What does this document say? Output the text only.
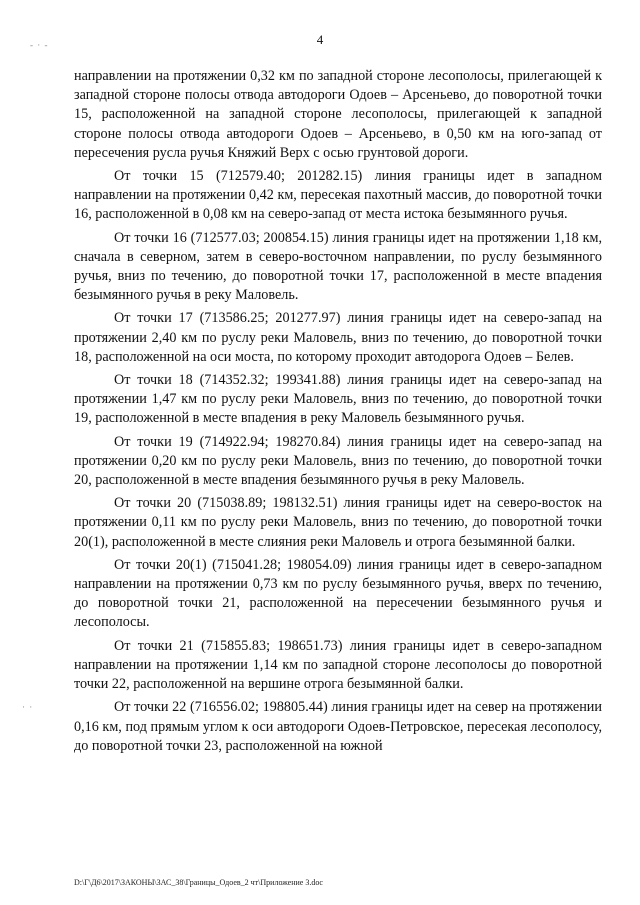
4
- · -
· ·

направлении на протяжении 0,32 км по западной стороне лесополосы, прилегающей к западной стороне полосы отвода автодороги Одоев – Арсеньево, до поворотной точки 15, расположенной на западной стороне лесополосы, прилегающей к западной стороне полосы отвода автодороги Одоев – Арсеньево, в 0,50 км на юго-запад от пересечения русла ручья Княжий Верх с осью грунтовой дороги.

От точки 15 (712579.40; 201282.15) линия границы идет в западном направлении на протяжении 0,42 км, пересекая пахотный массив, до поворотной точки 16, расположенной в 0,08 км на северо-запад от места истока безымянного ручья.

От точки 16 (712577.03; 200854.15) линия границы идет на протяжении 1,18 км, сначала в северном, затем в северо-восточном направлении, по руслу безымянного ручья, вниз по течению, до поворотной точки 17, расположенной в месте впадения безымянного ручья в реку Маловель.

От точки 17 (713586.25; 201277.97) линия границы идет на северо-запад на протяжении 2,40 км по руслу реки Маловель, вниз по течению, до поворотной точки 18, расположенной на оси моста, по которому проходит автодорога Одоев – Белев.

От точки 18 (714352.32; 199341.88) линия границы идет на северо-запад на протяжении 1,47 км по руслу реки Маловель, вниз по течению, до поворотной точки 19, расположенной в месте впадения в реку Маловель безымянного ручья.

От точки 19 (714922.94; 198270.84) линия границы идет на северо-запад на протяжении 0,20 км по руслу реки Маловель, вниз по течению, до поворотной точки 20, расположенной в месте впадения безымянного ручья в реку Маловель.

От точки 20 (715038.89; 198132.51) линия границы идет на северо-восток на протяжении 0,11 км по руслу реки Маловель, вниз по течению, до поворотной точки 20(1), расположенной в месте слияния реки Маловель и отрога безымянной балки.

От точки 20(1) (715041.28; 198054.09) линия границы идет в северо-западном направлении на протяжении 0,73 км по руслу безымянного ручья, вверх по течению, до поворотной точки 21, расположенной на пересечении безымянного ручья и лесополосы.

От точки 21 (715855.83; 198651.73) линия границы идет в северо-западном направлении на протяжении 1,14 км по западной стороне лесополосы до поворотной точки 22, расположенной на вершине отрога безымянной балки.

От точки 22 (716556.02; 198805.44) линия границы идет на север на протяжении 0,16 км, под прямым углом к оси автодороги Одоев-Петровское, пересекая лесополосу, до поворотной точки 23, расположенной на южной

D:\Г\Д6\2017\ЗАКОНЫ\ЗАС_38\Границы_Одоев_2 чт\Приложение 3.doc
